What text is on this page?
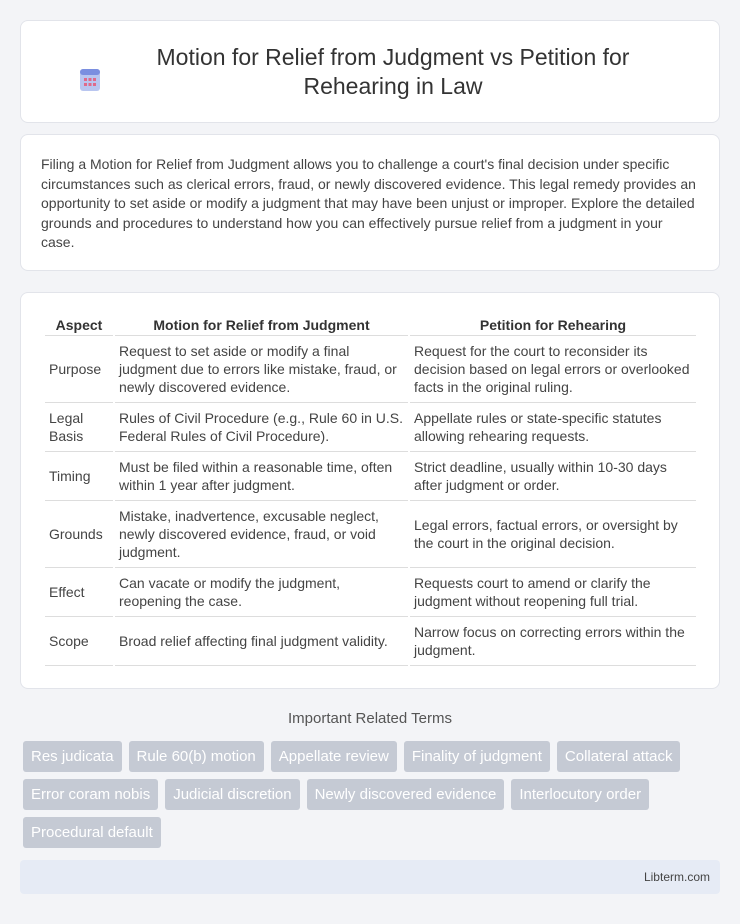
Motion for Relief from Judgment vs Petition for Rehearing in Law

Filing a Motion for Relief from Judgment allows you to challenge a court's final decision under specific circumstances such as clerical errors, fraud, or newly discovered evidence. This legal remedy provides an opportunity to set aside or modify a judgment that may have been unjust or improper. Explore the detailed grounds and procedures to understand how you can effectively pursue relief from a judgment in your case.

Aspect	Motion for Relief from Judgment	Petition for Rehearing
Purpose	Request to set aside or modify a final judgment due to errors like mistake, fraud, or newly discovered evidence.	Request for the court to reconsider its decision based on legal errors or overlooked facts in the original ruling.
Legal Basis	Rules of Civil Procedure (e.g., Rule 60 in U.S. Federal Rules of Civil Procedure).	Appellate rules or state-specific statutes allowing rehearing requests.
Timing	Must be filed within a reasonable time, often within 1 year after judgment.	Strict deadline, usually within 10-30 days after judgment or order.
Grounds	Mistake, inadvertence, excusable neglect, newly discovered evidence, fraud, or void judgment.	Legal errors, factual errors, or oversight by the court in the original decision.
Effect	Can vacate or modify the judgment, reopening the case.	Requests court to amend or clarify the judgment without reopening full trial.
Scope	Broad relief affecting final judgment validity.	Narrow focus on correcting errors within the judgment.
Important Related Terms
Res judicata	Rule 60(b) motion	Appellate review	Finality of judgment	Collateral attack
Error coram nobis	Judicial discretion	Newly discovered evidence	Interlocutory order
Procedural default
Libterm.com
